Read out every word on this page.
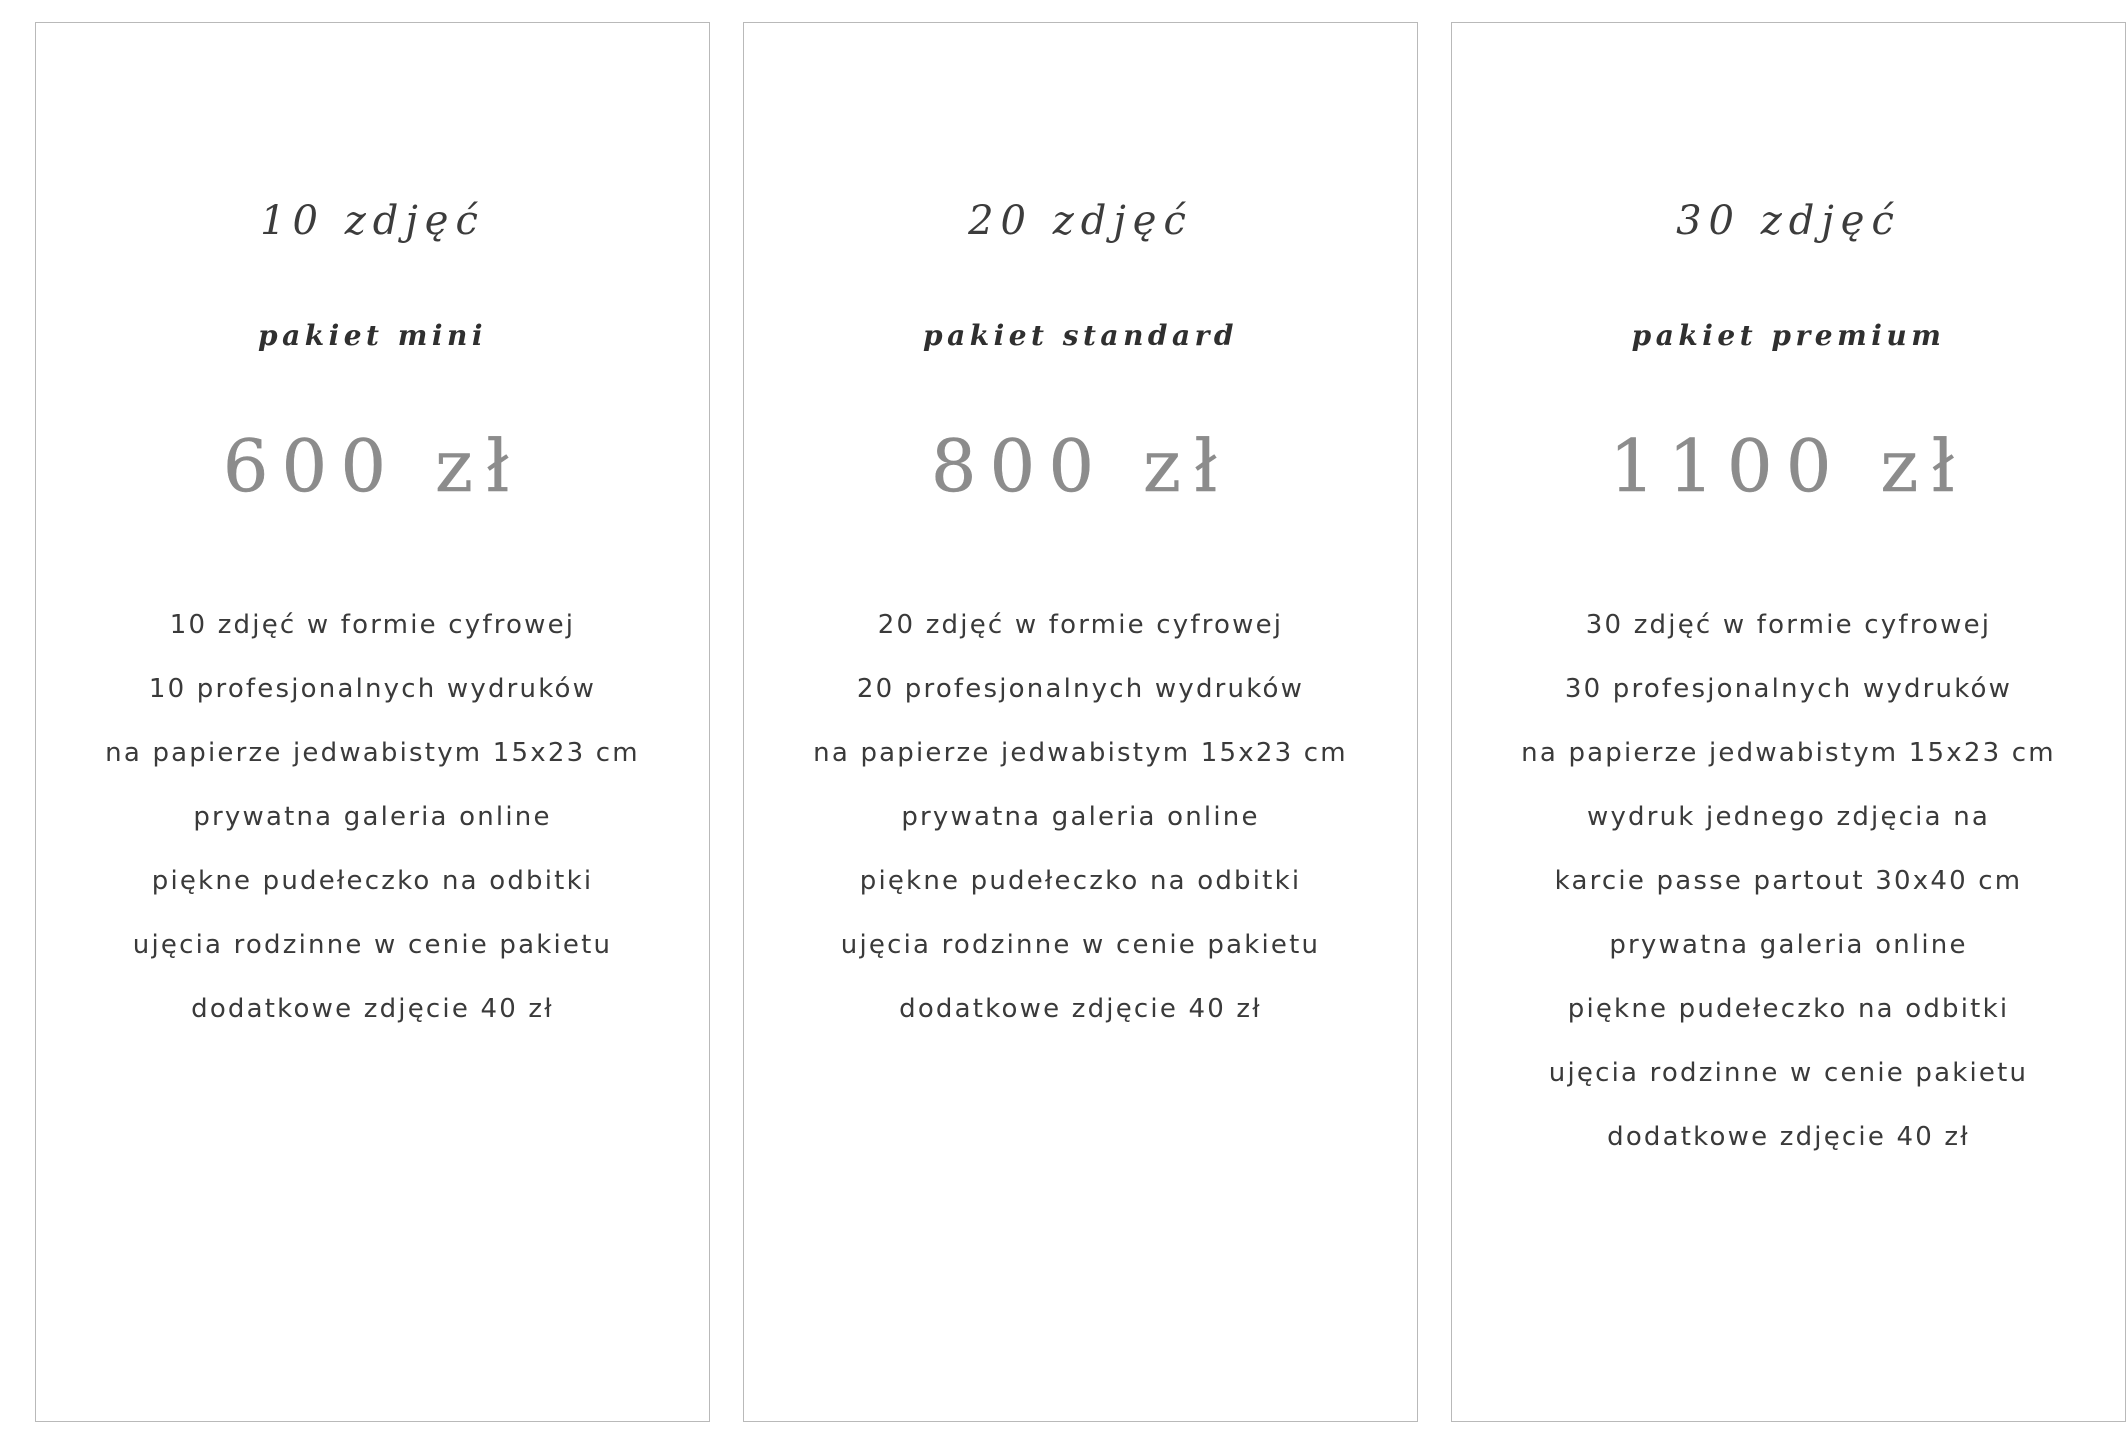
10 zdjęć
pakiet mini
600 zł
10 zdjęć w formie cyfrowej
10 profesjonalnych wydruków
na papierze jedwabistym 15x23 cm
prywatna galeria online
piękne pudełeczko na odbitki
ujęcia rodzinne w cenie pakietu
dodatkowe zdjęcie 40 zł
20 zdjęć
pakiet standard
800 zł
20 zdjęć w formie cyfrowej
20 profesjonalnych wydruków
na papierze jedwabistym 15x23 cm
prywatna galeria online
piękne pudełeczko na odbitki
ujęcia rodzinne w cenie pakietu
dodatkowe zdjęcie 40 zł
30 zdjęć
pakiet premium
1100 zł
30 zdjęć w formie cyfrowej
30 profesjonalnych wydruków
na papierze jedwabistym 15x23 cm
wydruk jednego zdjęcia na
karcie passe partout 30x40 cm
prywatna galeria online
piękne pudełeczko na odbitki
ujęcia rodzinne w cenie pakietu
dodatkowe zdjęcie 40 zł
